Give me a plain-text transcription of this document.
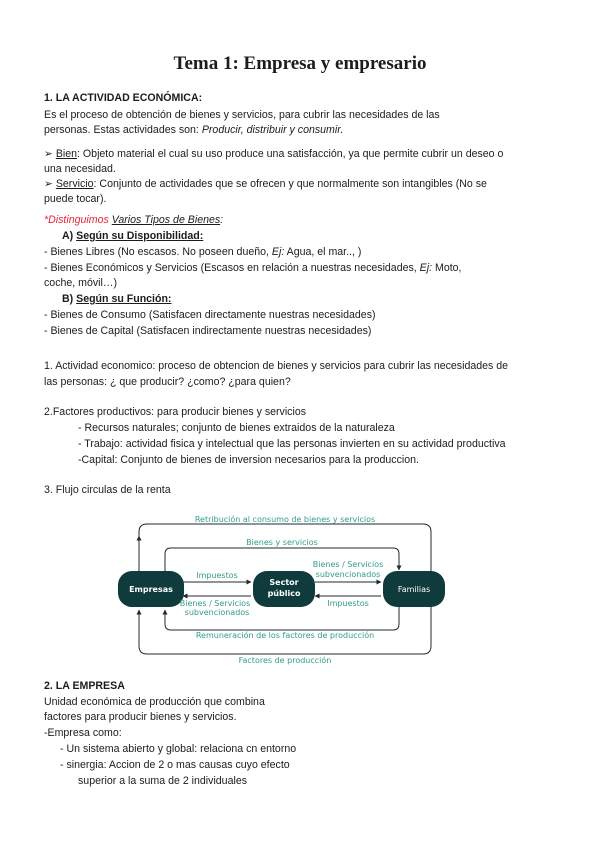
Tema 1: Empresa y empresario
1. LA ACTIVIDAD ECONÓMICA:
Es el proceso de obtención de bienes y servicios, para cubrir las necesidades de las
personas. Estas actividades son: Producir, distribuir y consumir.
➢ Bien: Objeto material el cual su uso produce una satisfacción, ya que permite cubrir un deseo o
una necesidad.
➢ Servicio: Conjunto de actividades que se ofrecen y que normalmente son intangibles (No se
puede tocar).
*Distinguimos Varios Tipos de Bienes:
A) Según su Disponibilidad:
- Bienes Libres (No escasos. No poseen dueño, Ej: Agua, el mar.., )
- Bienes Económicos y Servicios (Escasos en relación a nuestras necesidades, Ej: Moto,
coche, móvil…)
B) Según su Función:
- Bienes de Consumo (Satisfacen directamente nuestras necesidades)
- Bienes de Capital (Satisfacen indirectamente nuestras necesidades)
1. Actividad economico: proceso de obtencion de bienes y servicios para cubrir las necesidades de
las personas: ¿ que producir? ¿como? ¿para quien?
2.Factores productivos: para producir bienes y servicios
- Recursos naturales; conjunto de bienes extraidos de la naturaleza
- Trabajo: actividad fisica y intelectual que las personas invierten en su actividad productiva
-Capital: Conjunto de bienes de inversion necesarios para la produccion.
3. Flujo circulas de la renta
Empresas
Sector
público	Familias
Retribución al consumo de bienes y servicios
Bienes y servicios
Impuestos
Bienes / Servicios
subvencionados
Bienes / Servicios
subvencionados
Impuestos
Remuneración de los factores de producción
Factores de producción
2. LA EMPRESA
Unidad económica de producción que combina
factores para producir bienes y servicios.
-Empresa como:
- Un sistema abierto y global: relaciona cn entorno
- sinergia: Accion de 2 o mas causas cuyo efecto
superior a la suma de 2 individuales
